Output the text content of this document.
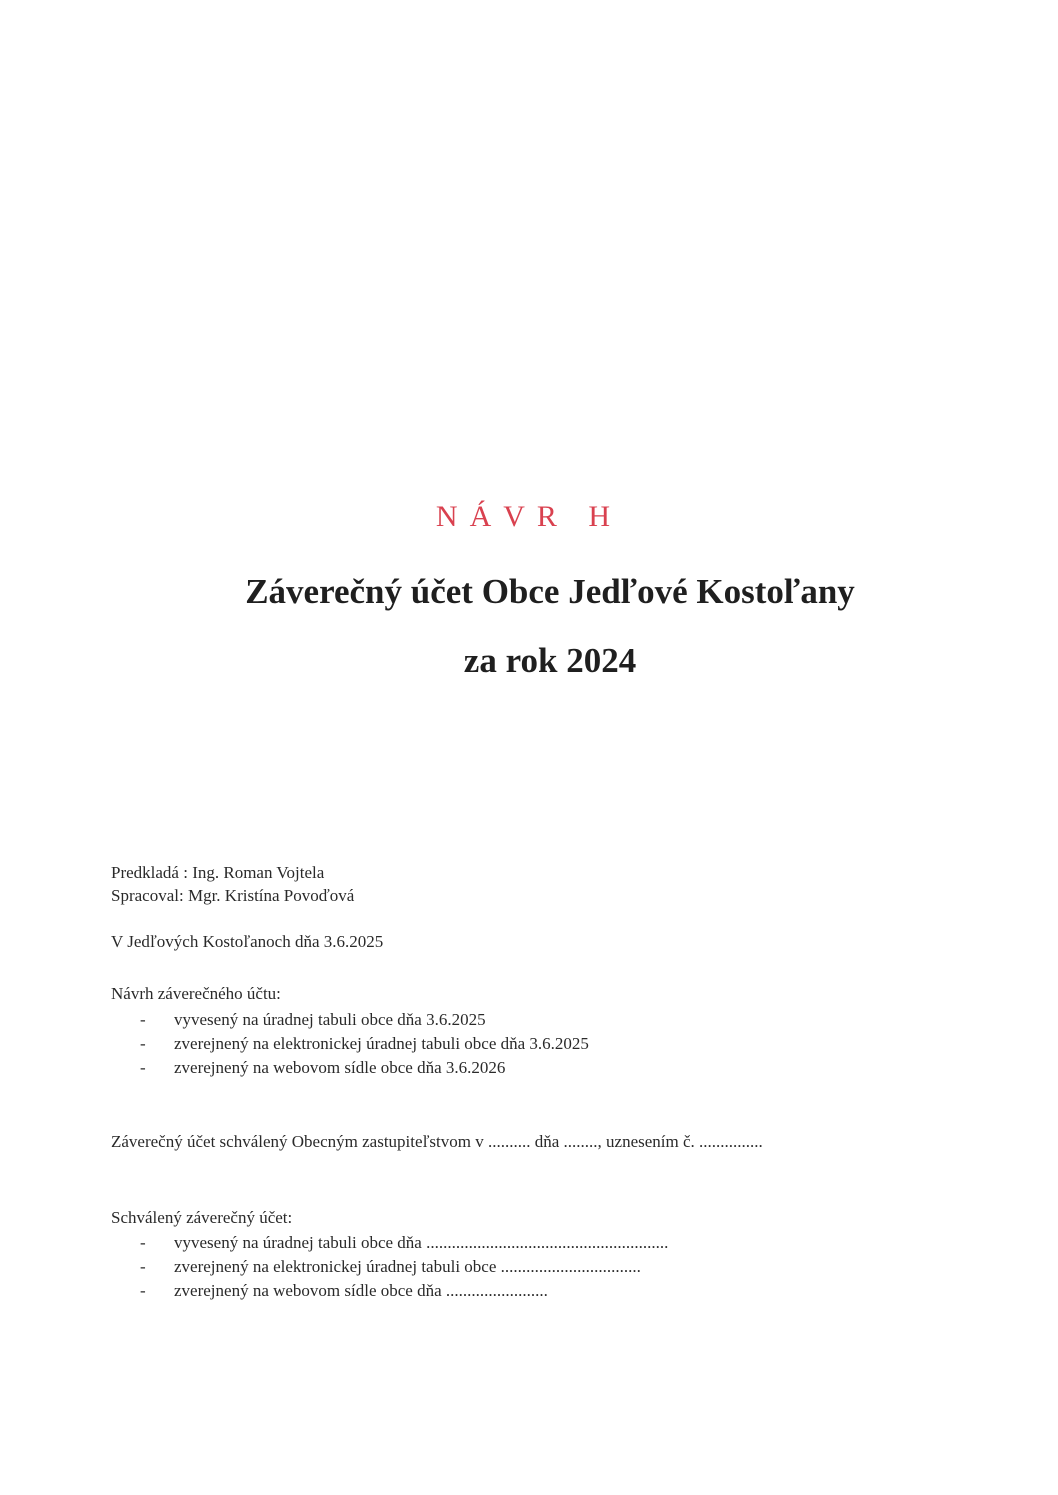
NÁVR H
Záverečný účet Obce Jedľové Kostoľany
za rok 2024
Predkladá : Ing. Roman Vojtela
Spracoval: Mgr. Kristína Povoďová
V Jedľových Kostoľanoch dňa 3.6.2025
Návrh záverečného účtu:
-	vyvesený na úradnej tabuli obce dňa 3.6.2025
-	zverejnený na elektronickej úradnej tabuli obce dňa 3.6.2025
-	zverejnený na webovom sídle obce dňa 3.6.2026
Záverečný účet schválený Obecným zastupiteľstvom v .......... dňa ........, uznesením č. ...............
Schválený záverečný účet:
-	vyvesený na úradnej tabuli obce dňa .........................................................
-	zverejnený na elektronickej úradnej tabuli obce .................................
-	zverejnený na webovom sídle obce dňa ........................
